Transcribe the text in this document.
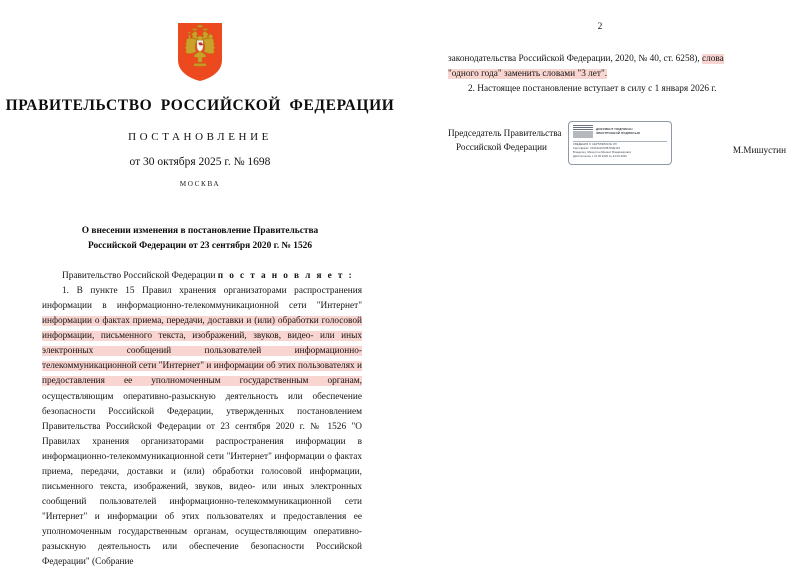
ПРАВИТЕЛЬСТВО РОССИЙСКОЙ ФЕДЕРАЦИИ
ПОСТАНОВЛЕНИЕ
от 30 октября 2025 г. № 1698
МОСКВА
О внесении изменения в постановление Правительства
Российской Федерации от 23 сентября 2020 г. № 1526

Правительство Российской Федерации п о с т а н о в л я е т :

1. В пункте 15 Правил хранения организаторами распространения информации в информационно-телекоммуникационной сети "Интернет" информации о фактах приема, передачи, доставки и (или) обработки голосовой информации, письменного текста, изображений, звуков, видео- или иных электронных сообщений пользователей информационно-телекоммуникационной сети "Интернет" и информации об этих пользователях и предоставления ее уполномоченным государственным органам, осуществляющим оперативно-разыскную деятельность или обеспечение безопасности Российской Федерации, утвержденных постановлением Правительства Российской Федерации от 23 сентября 2020 г. № 1526 "О Правилах хранения организаторами распространения информации в информационно-телекоммуникационной сети "Интернет" информации о фактах приема, передачи, доставки и (или) обработки голосовой информации, письменного текста, изображений, звуков, видео- или иных электронных сообщений пользователей информационно-телекоммуникационной сети "Интернет" и информации об этих пользователях и предоставления ее уполномоченным государственным органам, осуществляющим оперативно-разыскную деятельность или обеспечение безопасности Российской Федерации" (Собрание

2

законодательства Российской Федерации, 2020, № 40, ст. 6258), слова
"одного года" заменить словами "3 лет".

2. Настоящее постановление вступает в силу с 1 января 2026 г.

Председатель Правительства
Российской Федерации
ДОКУМЕНТ ПОДПИСАН
ЭЛЕКТРОННОЙ ПОДПИСЬЮ
СВЕДЕНИЯ О СЕРТИФИКАТЕ ЭП
Сертификат: 019F4A2C00B7D2E1F3
Владелец: Мишустин Михаил Владимирович
Действителен с 24.06.2025 по 24.09.2026
М.Мишустин
